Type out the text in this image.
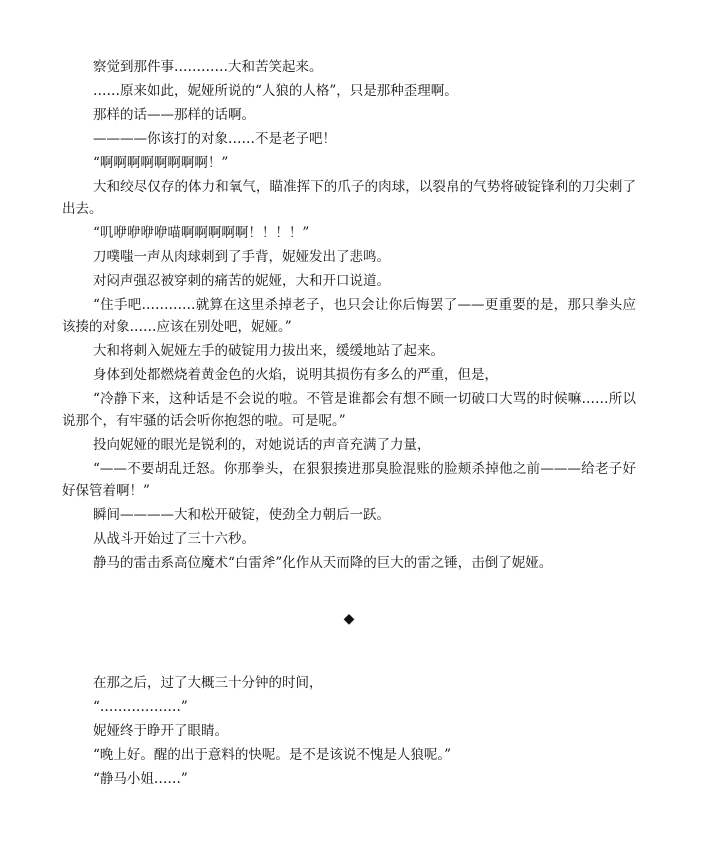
察觉到那件事…………大和苦笑起来。

……原来如此，妮娅所说的“人狼的人格”，只是那种歪理啊。

那样的话——那样的话啊。

————你该打的对象……不是老子吧！

“啊啊啊啊啊啊啊啊！”

大和绞尽仅存的体力和氧气，瞄准挥下的爪子的肉球，以裂帛的气势将破锭锋利的刀尖刺了出去。

“叽咿咿咿咿喵啊啊啊啊啊！！！！”

刀噗嗤一声从肉球刺到了手背，妮娅发出了悲鸣。

对闷声强忍被穿刺的痛苦的妮娅，大和开口说道。

“住手吧…………就算在这里杀掉老子，也只会让你后悔罢了——更重要的是，那只拳头应该揍的对象……应该在别处吧，妮娅。”

大和将刺入妮娅左手的破锭用力拔出来，缓缓地站了起来。

身体到处都燃烧着黄金色的火焰，说明其损伤有多么的严重，但是，

“冷静下来，这种话是不会说的啦。不管是谁都会有想不顾一切破口大骂的时候嘛……所以说那个，有牢骚的话会听你抱怨的啦。可是呢。”

投向妮娅的眼光是锐利的，对她说话的声音充满了力量，

“——不要胡乱迁怒。你那拳头，在狠狠揍进那臭脸混账的脸颊杀掉他之前———给老子好好保管着啊！”

瞬间————大和松开破锭，使劲全力朝后一跃。

从战斗开始过了三十六秒。

静马的雷击系高位魔术“白雷斧”化作从天而降的巨大的雷之锤，击倒了妮娅。

◆

在那之后，过了大概三十分钟的时间，

“………………”

妮娅终于睁开了眼睛。

“晚上好。醒的出于意料的快呢。是不是该说不愧是人狼呢。”

“静马小姐……”
